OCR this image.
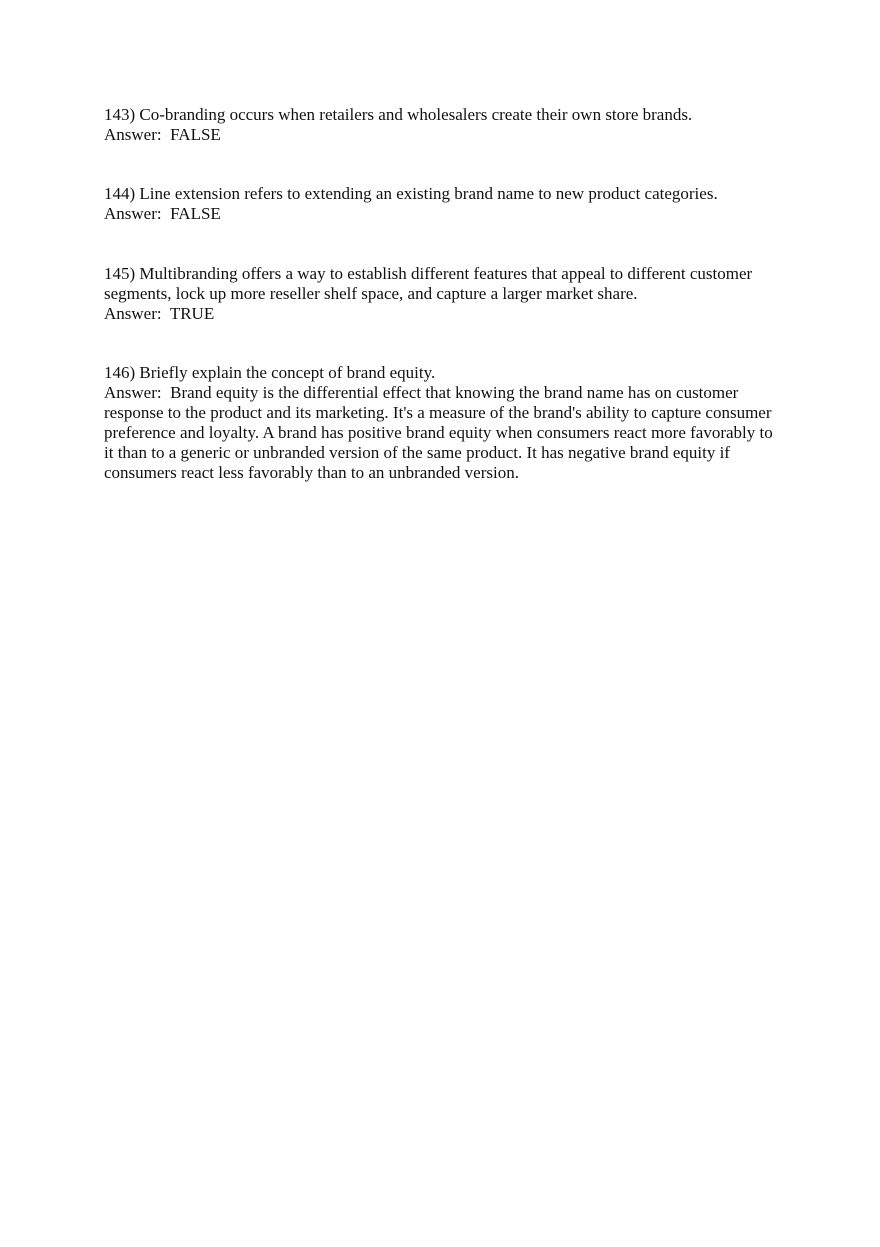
143) Co-branding occurs when retailers and wholesalers create their own store brands.

Answer: FALSE

144) Line extension refers to extending an existing brand name to new product categories.

Answer: FALSE

145) Multibranding offers a way to establish different features that appeal to different customer segments, lock up more reseller shelf space, and capture a larger market share.

Answer: TRUE

146) Briefly explain the concept of brand equity.

Answer: Brand equity is the differential effect that knowing the brand name has on customer response to the product and its marketing. It's a measure of the brand's ability to capture consumer preference and loyalty. A brand has positive brand equity when consumers react more favorably to it than to a generic or unbranded version of the same product. It has negative brand equity if consumers react less favorably than to an unbranded version.
